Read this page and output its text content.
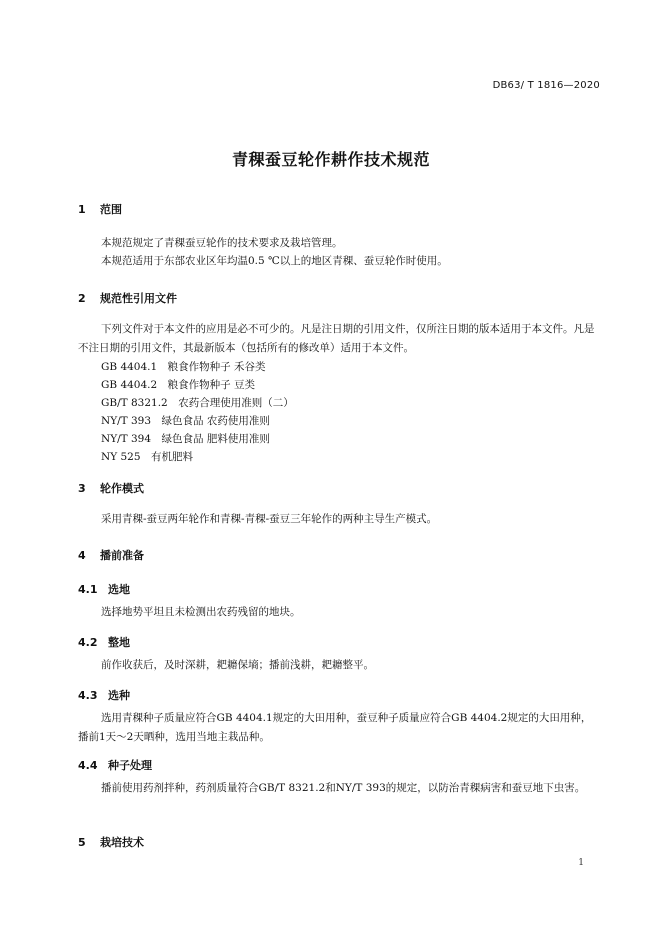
DB63/ T 1816—2020
青稞蚕豆轮作耕作技术规范
1 范围
本规范规定了青稞蚕豆轮作的技术要求及栽培管理。
本规范适用于东部农业区年均温0.5 ℃以上的地区青稞、蚕豆轮作时使用。
2 规范性引用文件
下列文件对于本文件的应用是必不可少的。凡是注日期的引用文件，仅所注日期的版本适用于本文件。凡是不注日期的引用文件，其最新版本（包括所有的修改单）适用于本文件。
GB 4404.1　粮食作物种子 禾谷类
GB 4404.2　粮食作物种子 豆类
GB/T 8321.2　农药合理使用准则（二）
NY/T 393　绿色食品 农药使用准则
NY/T 394　绿色食品 肥料使用准则
NY 525　有机肥料
3 轮作模式
采用青稞-蚕豆两年轮作和青稞-青稞-蚕豆三年轮作的两种主导生产模式。
4 播前准备
4.1 选地
选择地势平坦且未检测出农药残留的地块。
4.2 整地
前作收获后，及时深耕，耙耱保墒；播前浅耕，耙耱整平。
4.3 选种
选用青稞种子质量应符合GB 4404.1规定的大田用种，蚕豆种子质量应符合GB 4404.2规定的大田用种，播前1天～2天晒种，选用当地主栽品种。
4.4 种子处理
播前使用药剂拌种，药剂质量符合GB/T 8321.2和NY/T 393的规定，以防治青稞病害和蚕豆地下虫害。
5 栽培技术
1
